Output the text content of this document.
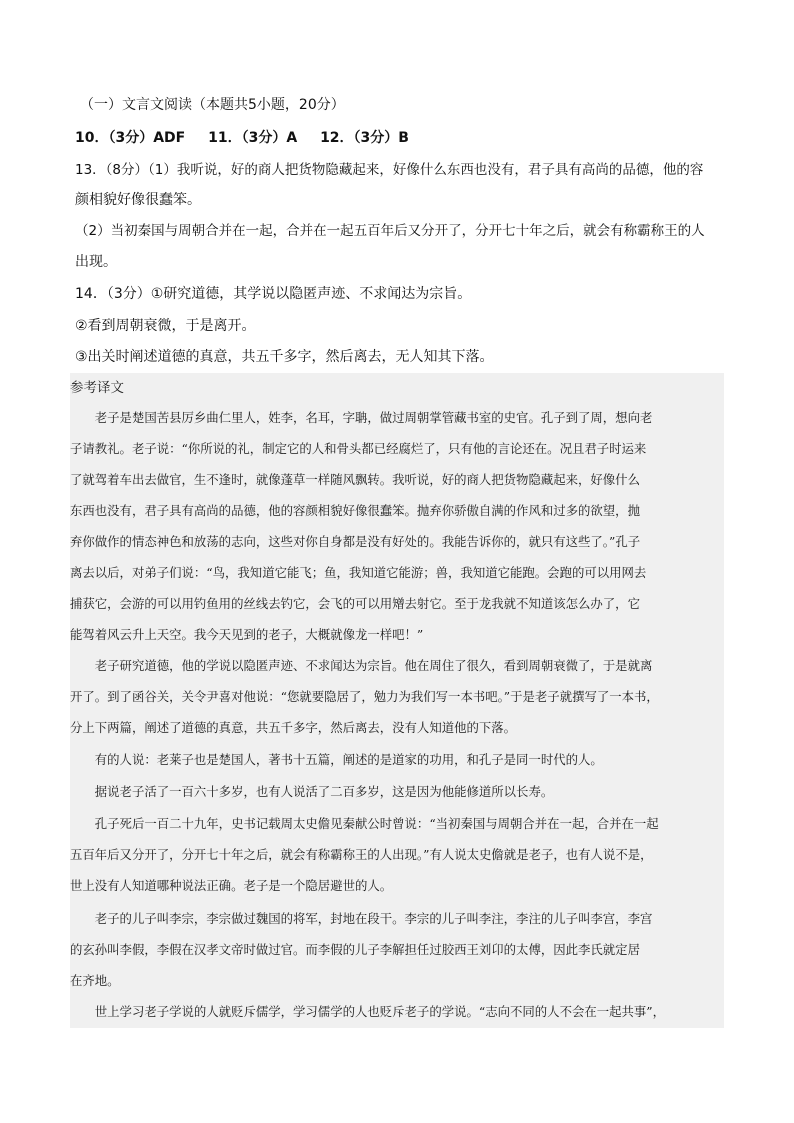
（一）文言文阅读（本题共5小题，20分）
10．（3分）ADF 11．（3分）A 12．（3分）B
13．（8分）（1）我听说，好的商人把货物隐藏起来，好像什么东西也没有，君子具有高尚的品德，他的容
颜相貌好像很蠢笨。
（2）当初秦国与周朝合并在一起，合并在一起五百年后又分开了，分开七十年之后，就会有称霸称王的人
出现。
14．（3分）①研究道德，其学说以隐匿声迹、不求闻达为宗旨。
②看到周朝衰微，于是离开。
③出关时阐述道德的真意，共五千多字，然后离去，无人知其下落。
参考译文
　　老子是楚国苦县厉乡曲仁里人，姓李，名耳，字聃，做过周朝掌管藏书室的史官。孔子到了周，想向老
子请教礼。老子说：“你所说的礼，制定它的人和骨头都已经腐烂了，只有他的言论还在。况且君子时运来
了就驾着车出去做官，生不逢时，就像蓬草一样随风飘转。我听说，好的商人把货物隐藏起来，好像什么
东西也没有，君子具有高尚的品德，他的容颜相貌好像很蠢笨。抛弃你骄傲自满的作风和过多的欲望，抛
弃你做作的情态神色和放荡的志向，这些对你自身都是没有好处的。我能告诉你的，就只有这些了。”孔子
离去以后，对弟子们说：“鸟，我知道它能飞；鱼，我知道它能游；兽，我知道它能跑。会跑的可以用网去
捕获它，会游的可以用钓鱼用的丝线去钓它，会飞的可以用矰去射它。至于龙我就不知道该怎么办了，它
能驾着风云升上天空。我今天见到的老子，大概就像龙一样吧！”
　　老子研究道德，他的学说以隐匿声迹、不求闻达为宗旨。他在周住了很久，看到周朝衰微了，于是就离
开了。到了函谷关，关令尹喜对他说：“您就要隐居了，勉力为我们写一本书吧。”于是老子就撰写了一本书，
分上下两篇，阐述了道德的真意，共五千多字，然后离去，没有人知道他的下落。
　　有的人说：老莱子也是楚国人，著书十五篇，阐述的是道家的功用，和孔子是同一时代的人。
　　据说老子活了一百六十多岁，也有人说活了二百多岁，这是因为他能修道所以长寿。
　　孔子死后一百二十九年，史书记载周太史儋见秦献公时曾说：“当初秦国与周朝合并在一起，合并在一起
五百年后又分开了，分开七十年之后，就会有称霸称王的人出现。”有人说太史儋就是老子，也有人说不是，
世上没有人知道哪种说法正确。老子是一个隐居避世的人。
　　老子的儿子叫李宗，李宗做过魏国的将军，封地在段干。李宗的儿子叫李注，李注的儿子叫李宫，李宫
的玄孙叫李假，李假在汉孝文帝时做过官。而李假的儿子李解担任过胶西王刘卬的太傅，因此李氏就定居
在齐地。
　　世上学习老子学说的人就贬斥儒学，学习儒学的人也贬斥老子的学说。“志向不同的人不会在一起共事”，
